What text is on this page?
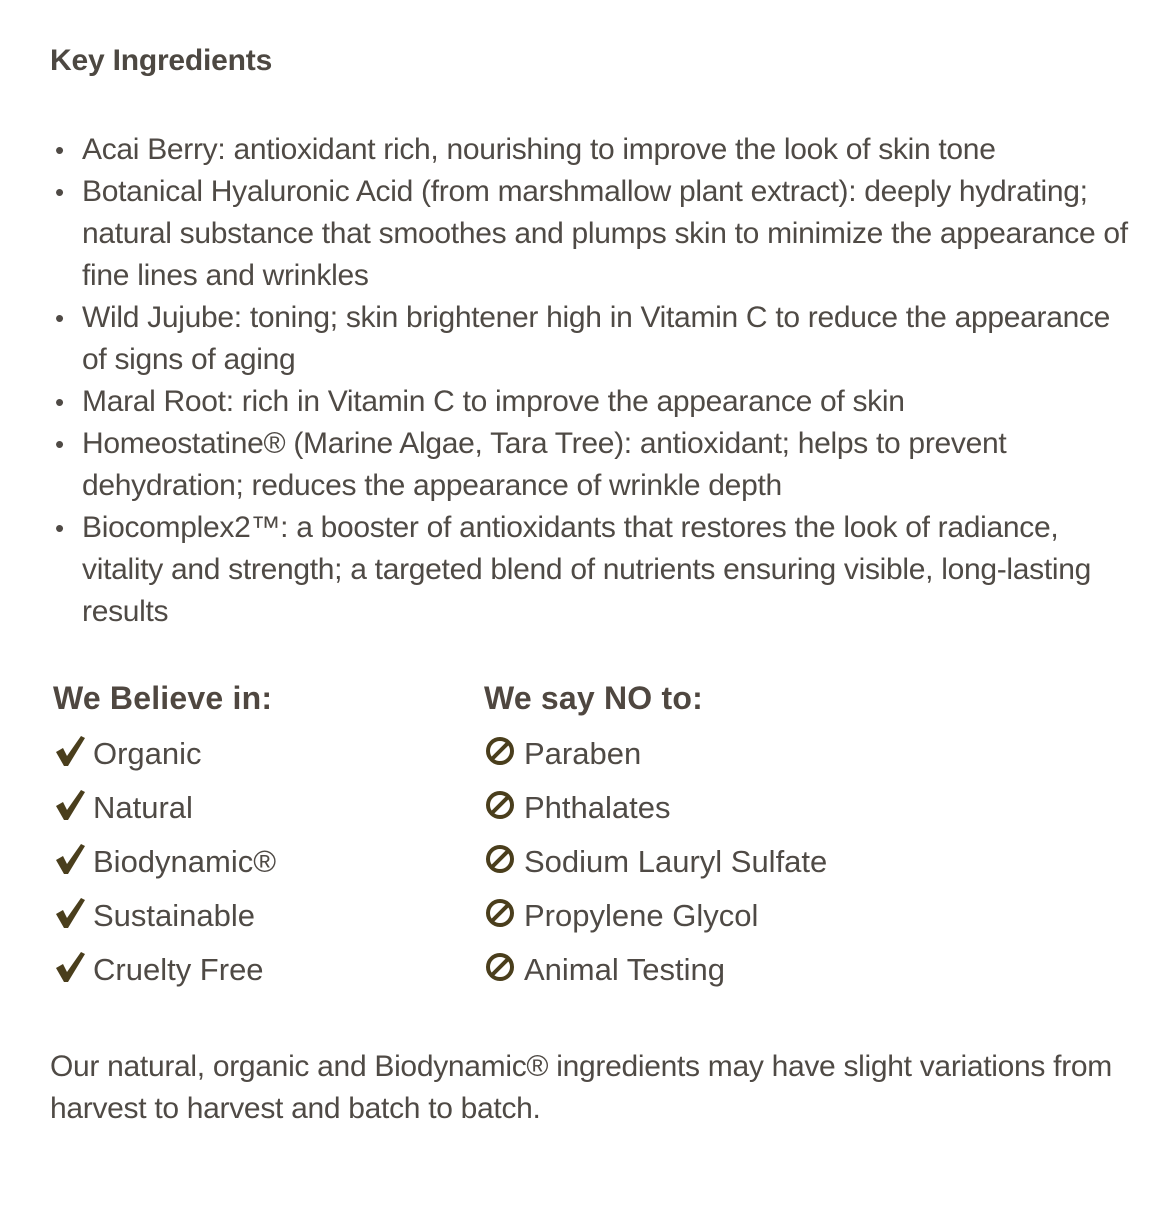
Key Ingredients
• Acai Berry: antioxidant rich, nourishing to improve the look of skin tone
• Botanical Hyaluronic Acid (from marshmallow plant extract): deeply hydrating; natural substance that smoothes and plumps skin to minimize the appearance of fine lines and wrinkles
• Wild Jujube: toning; skin brightener high in Vitamin C to reduce the appearance of signs of aging
• Maral Root: rich in Vitamin C to improve the appearance of skin
• Homeostatine® (Marine Algae, Tara Tree): antioxidant; helps to prevent dehydration; reduces the appearance of wrinkle depth
• Biocomplex2™: a booster of antioxidants that restores the look of radiance, vitality and strength; a targeted blend of nutrients ensuring visible, long-lasting results
We Believe in:
Organic
Natural
Biodynamic®
Sustainable
Cruelty Free
We say NO to:
Paraben
Phthalates
Sodium Lauryl Sulfate
Propylene Glycol
Animal Testing
Our natural, organic and Biodynamic® ingredients may have slight variations from harvest to harvest and batch to batch.
